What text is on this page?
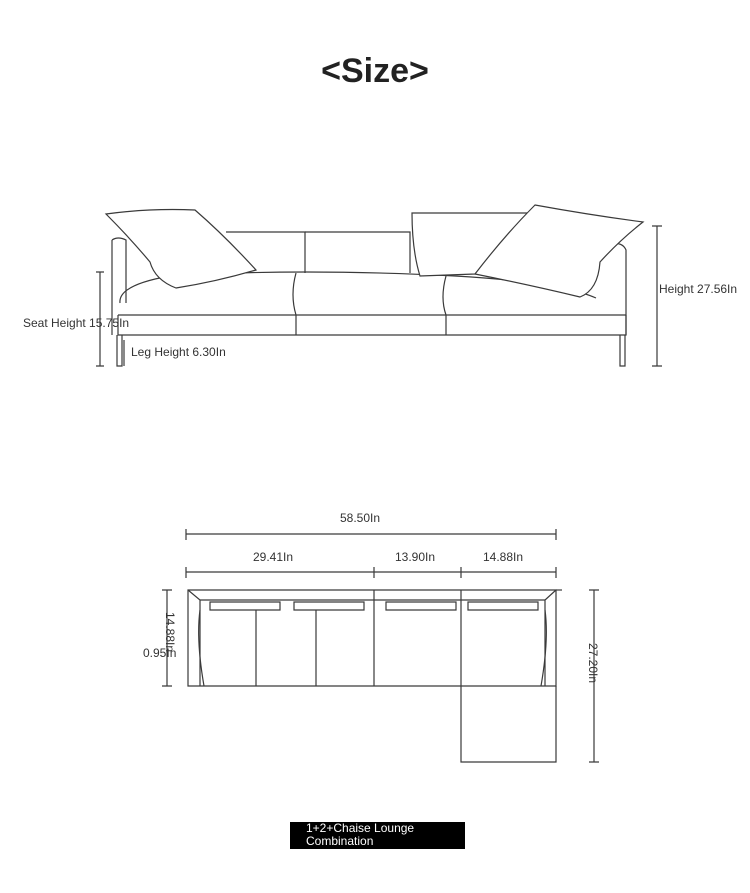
<Size>
Seat Height 15.75In
Leg Height 6.30In
Height 27.56In
58.50In
29.41In	13.90In	14.88In
14.88In
0.95In	27.20In
1+2+Chaise Lounge
Combination
